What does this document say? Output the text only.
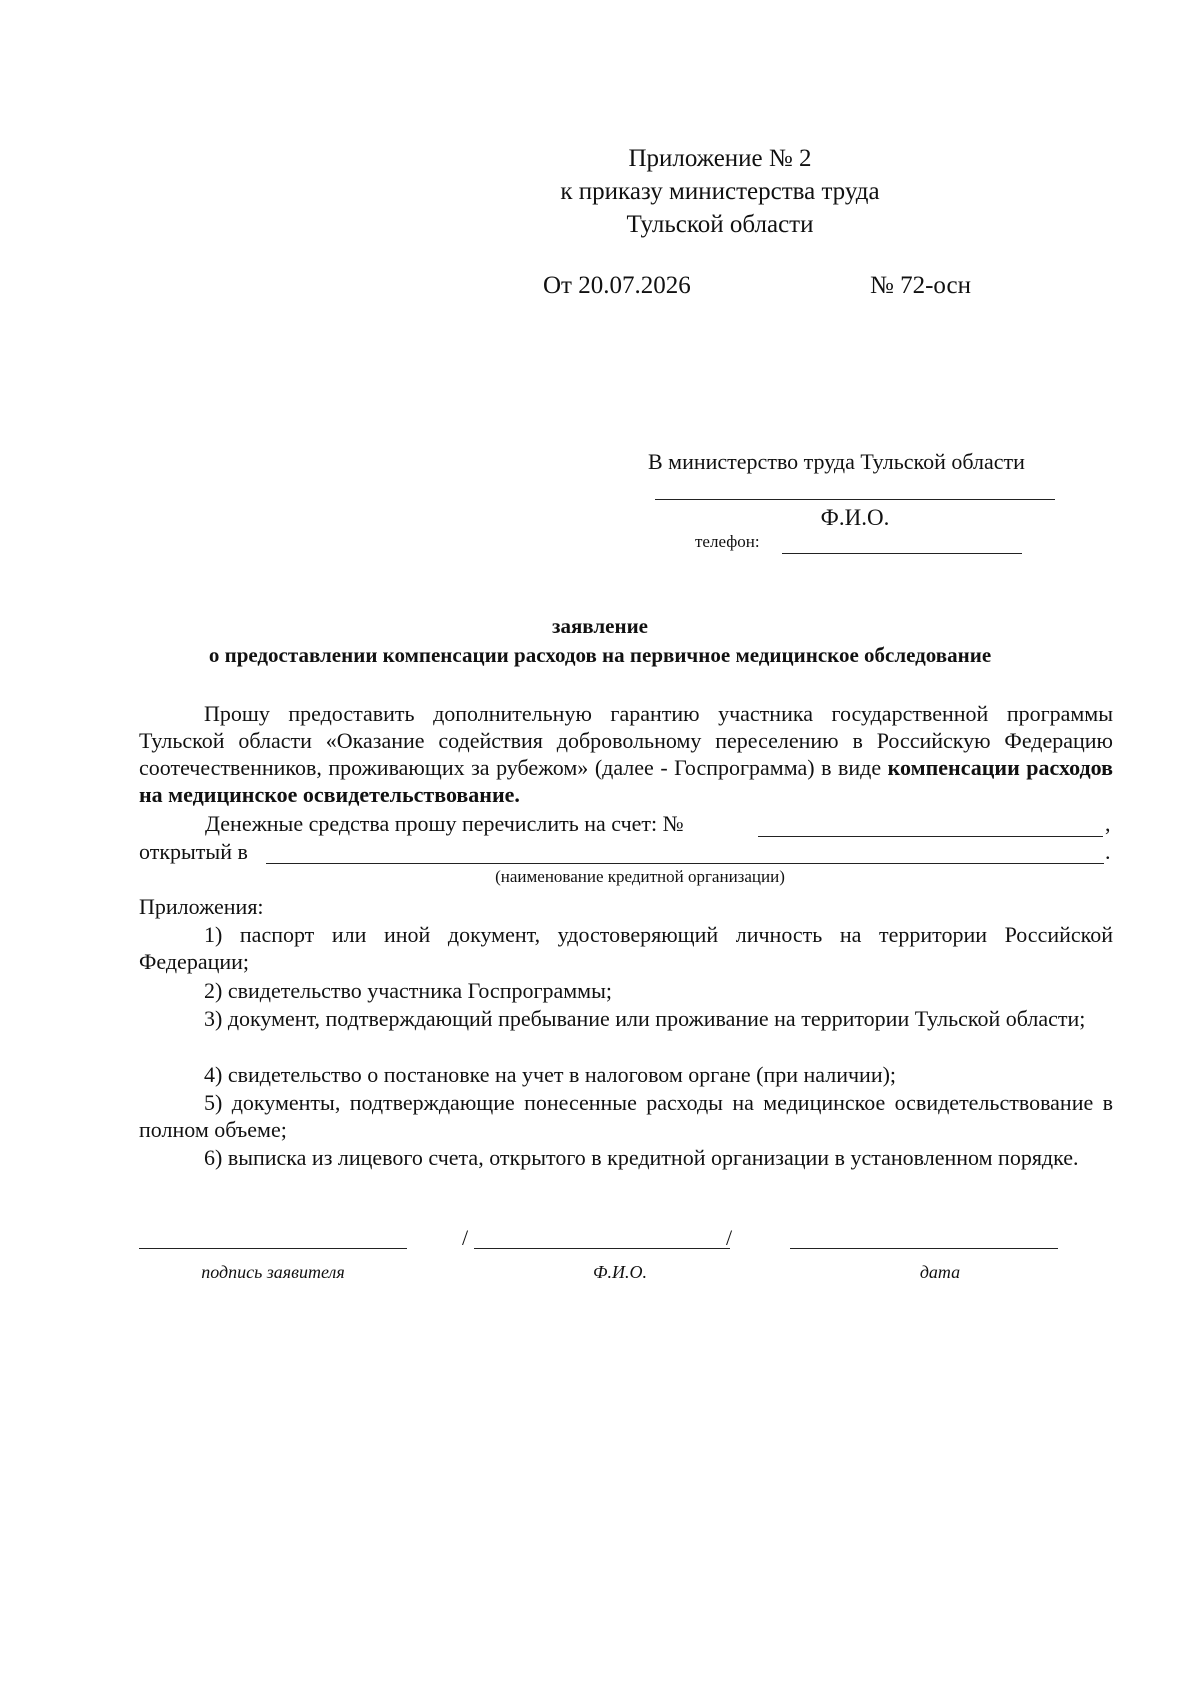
Приложение № 2
к приказу министерства труда
Тульской области
От 20.07.2026	№ 72-осн
В министерство труда Тульской области
Ф.И.О.
телефон:
заявление
о предоставлении компенсации расходов на первичное медицинское обследование
Прошу предоставить дополнительную гарантию участника государственной программы Тульской области «Оказание содействия добровольному переселению в Российскую Федерацию соотечественников, проживающих за рубежом» (далее - Госпрограмма) в виде компенсации расходов на медицинское освидетельствование.
Денежные средства прошу перечислить на счет: №	,
открытый в	.
(наименование кредитной организации)
Приложения:
1) паспорт или иной документ, удостоверяющий личность на территории Российской Федерации;
2) свидетельство участника Госпрограммы;
3) документ, подтверждающий пребывание или проживание на территории Тульской области;
4) свидетельство о постановке на учет в налоговом органе (при наличии);
5) документы, подтверждающие понесенные расходы на медицинское освидетельствование в полном объеме;
6) выписка из лицевого счета, открытого в кредитной организации в установленном порядке.
/	/
подпись заявителя	Ф.И.О.	дата
